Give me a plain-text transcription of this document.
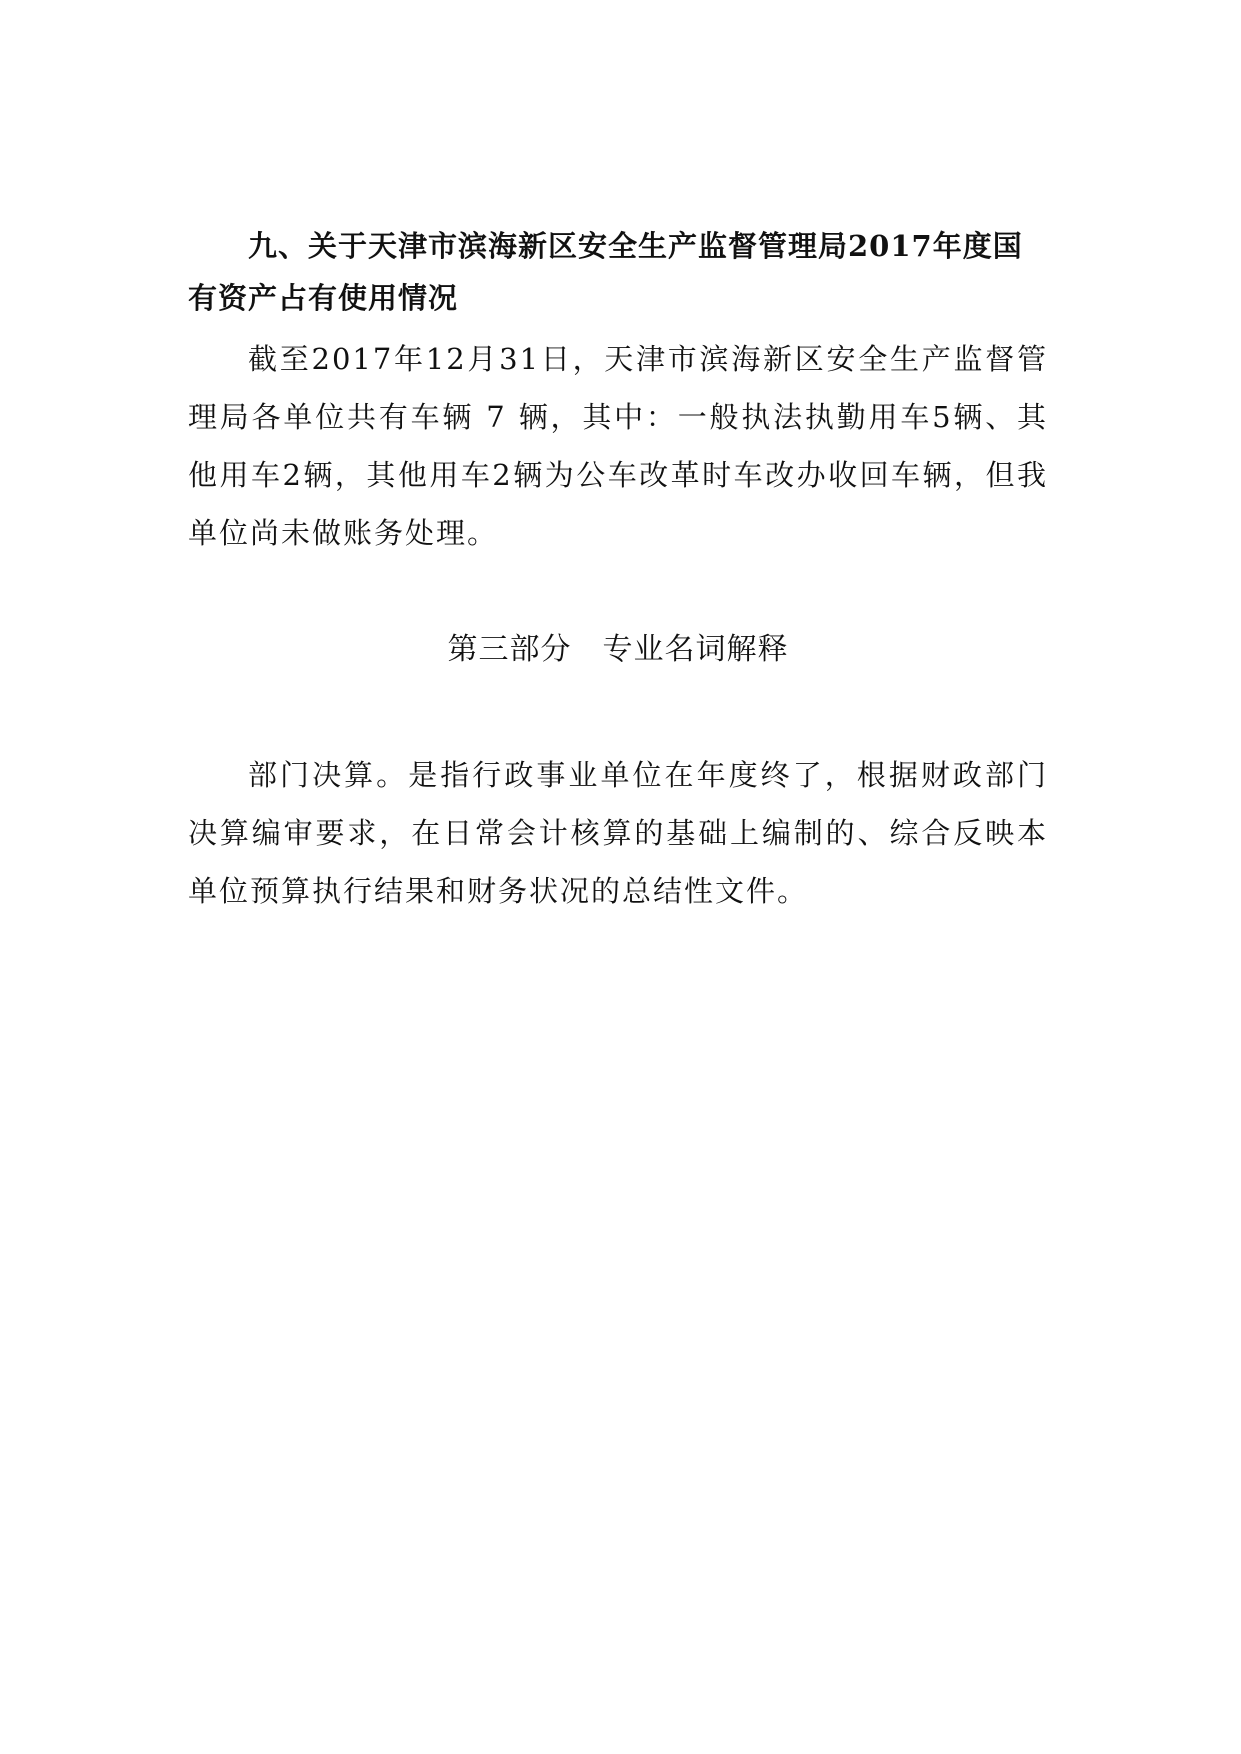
九、关于天津市滨海新区安全生产监督管理局2017年度国有资产占有使用情况

截至2017年12月31日，天津市滨海新区安全生产监督管理局各单位共有车辆 7 辆，其中：一般执法执勤用车5辆、其他用车2辆，其他用车2辆为公车改革时车改办收回车辆，但我单位尚未做账务处理。

第三部分　专业名词解释

部门决算。是指行政事业单位在年度终了，根据财政部门决算编审要求，在日常会计核算的基础上编制的、综合反映本单位预算执行结果和财务状况的总结性文件。
